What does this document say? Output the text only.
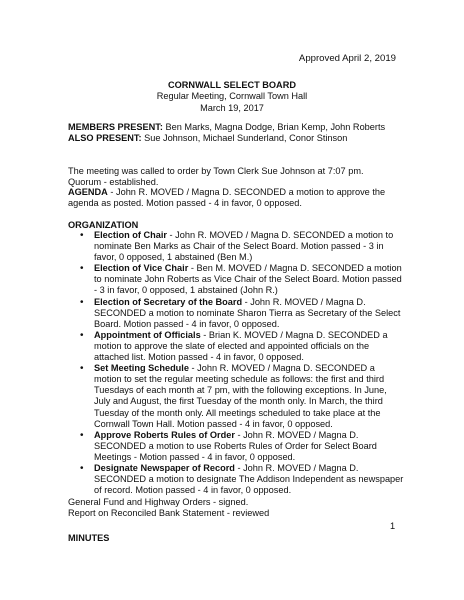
Approved April 2, 2019
CORNWALL SELECT BOARD
Regular Meeting, Cornwall Town Hall
March 19, 2017
MEMBERS PRESENT: Ben Marks, Magna Dodge, Brian Kemp, John Roberts
ALSO PRESENT: Sue Johnson, Michael Sunderland, Conor Stinson
The meeting was called to order by Town Clerk Sue Johnson at 7:07 pm. Quorum - established.
AGENDA - John R. MOVED / Magna D. SECONDED a motion to approve the agenda as posted. Motion passed - 4 in favor, 0 opposed.
ORGANIZATION
• Election of Chair - John R. MOVED / Magna D. SECONDED a motion to nominate Ben Marks as Chair of the Select Board. Motion passed - 3 in favor, 0 opposed, 1 abstained (Ben M.)
• Election of Vice Chair - Ben M. MOVED / Magna D. SECONDED a motion to nominate John Roberts as Vice Chair of the Select Board. Motion passed - 3 in favor, 0 opposed, 1 abstained (John R.)
• Election of Secretary of the Board - John R. MOVED / Magna D. SECONDED a motion to nominate Sharon Tierra as Secretary of the Select Board. Motion passed - 4 in favor, 0 opposed.
• Appointment of Officials - Brian K. MOVED / Magna D. SECONDED a motion to approve the slate of elected and appointed officials on the attached list. Motion passed - 4 in favor, 0 opposed.
• Set Meeting Schedule - John R. MOVED / Magna D. SECONDED a motion to set the regular meeting schedule as follows: the first and third Tuesdays of each month at 7 pm, with the following exceptions. In June, July and August, the first Tuesday of the month only. In March, the third Tuesday of the month only. All meetings scheduled to take place at the Cornwall Town Hall. Motion passed - 4 in favor, 0 opposed.
• Approve Roberts Rules of Order - John R. MOVED / Magna D. SECONDED a motion to use Roberts Rules of Order for Select Board Meetings - Motion passed - 4 in favor, 0 opposed.
• Designate Newspaper of Record - John R. MOVED / Magna D. SECONDED a motion to designate The Addison Independent as newspaper of record. Motion passed - 4 in favor, 0 opposed.
General Fund and Highway Orders - signed.
Report on Reconciled Bank Statement - reviewed
1
MINUTES
